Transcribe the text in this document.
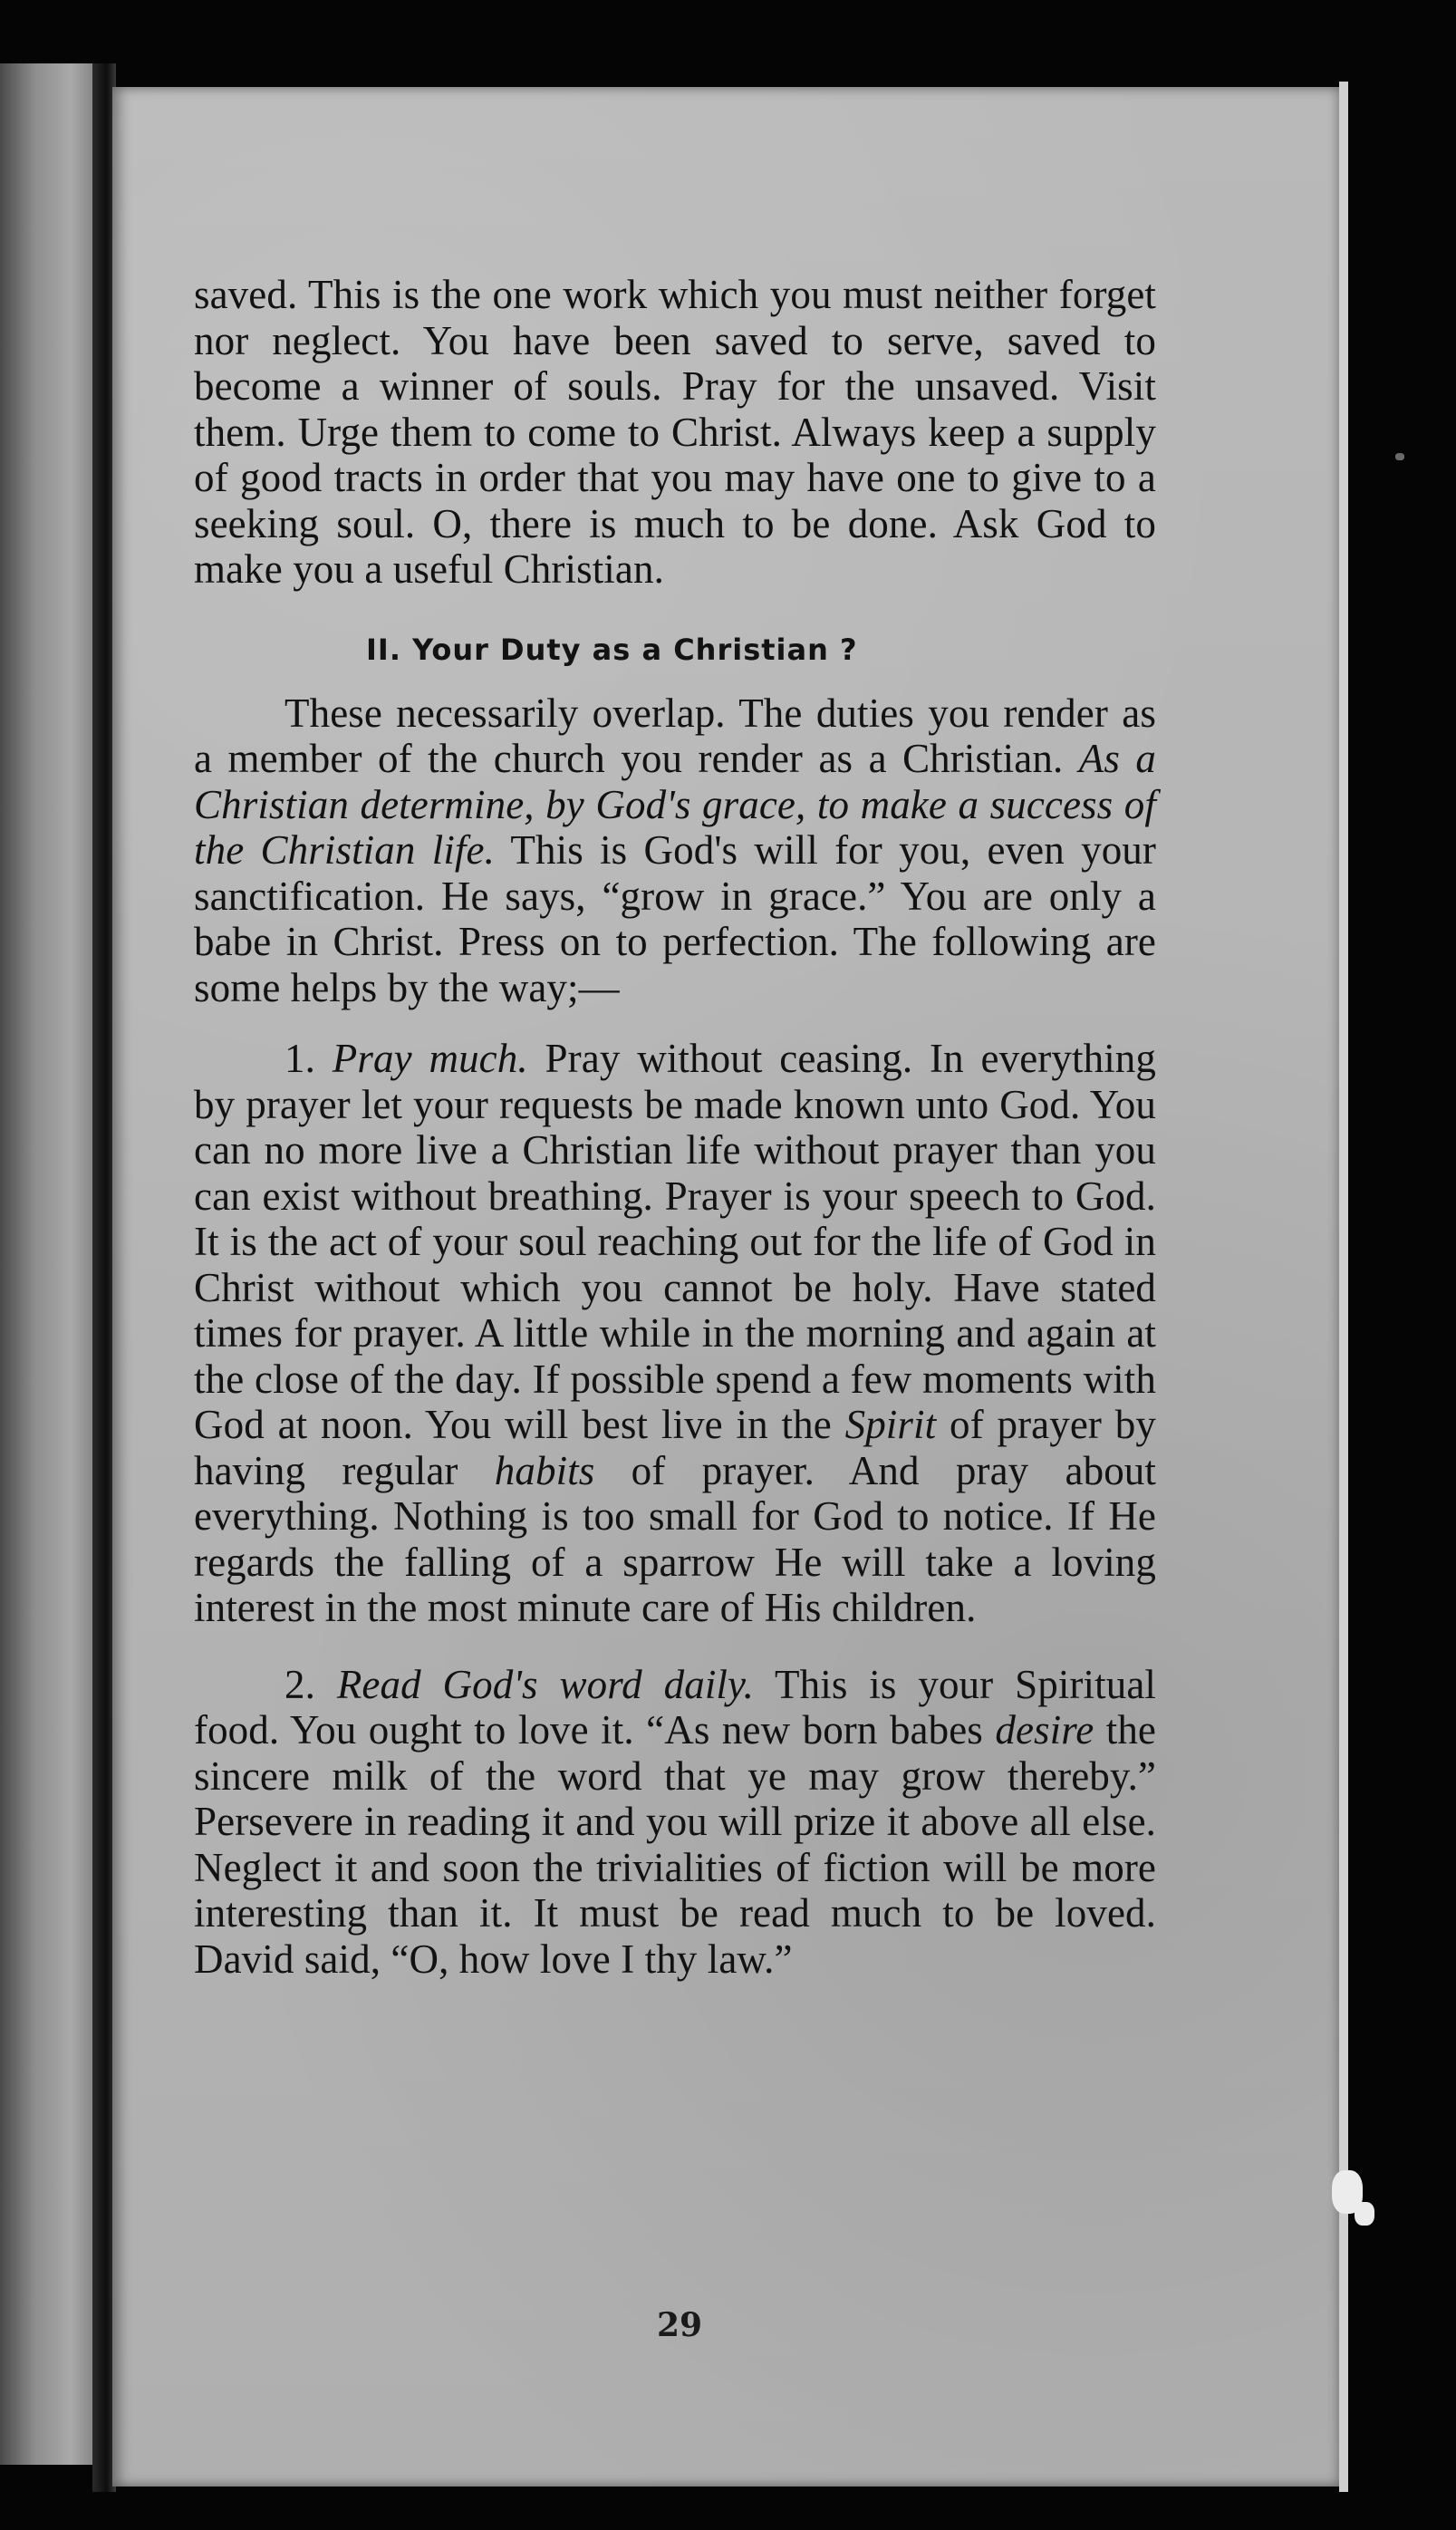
saved. This is the one work which you must neither forget nor neglect. You have been saved to serve, saved to become a winner of souls. Pray for the unsaved. Visit them. Urge them to come to Christ. Always keep a supply of good tracts in order that you may have one to give to a seeking soul. O, there is much to be done. Ask God to make you a useful Christian.

II. Your Duty as a Christian ?

These necessarily overlap. The duties you render as a member of the church you render as a Christian. As a Christian determine, by God's grace, to make a success of the Christian life. This is God's will for you, even your sanctification. He says, “grow in grace.” You are only a babe in Christ. Press on to perfection. The following are some helps by the way;—

1. Pray much. Pray without ceasing. In everything by prayer let your requests be made known unto God. You can no more live a Christian life without prayer than you can exist without breathing. Prayer is your speech to God. It is the act of your soul reaching out for the life of God in Christ without which you cannot be holy. Have stated times for prayer. A little while in the morning and again at the close of the day. If possible spend a few moments with God at noon. You will best live in the Spirit of prayer by having regular habits of prayer. And pray about everything. Nothing is too small for God to notice. If He regards the falling of a sparrow He will take a loving interest in the most minute care of His children.

2. Read God's word daily. This is your Spiritual food. You ought to love it. “As new born babes desire the sincere milk of the word that ye may grow thereby.” Persevere in reading it and you will prize it above all else. Neglect it and soon the trivialities of fiction will be more interesting than it. It must be read much to be loved. David said, “O, how love I thy law.”

29
